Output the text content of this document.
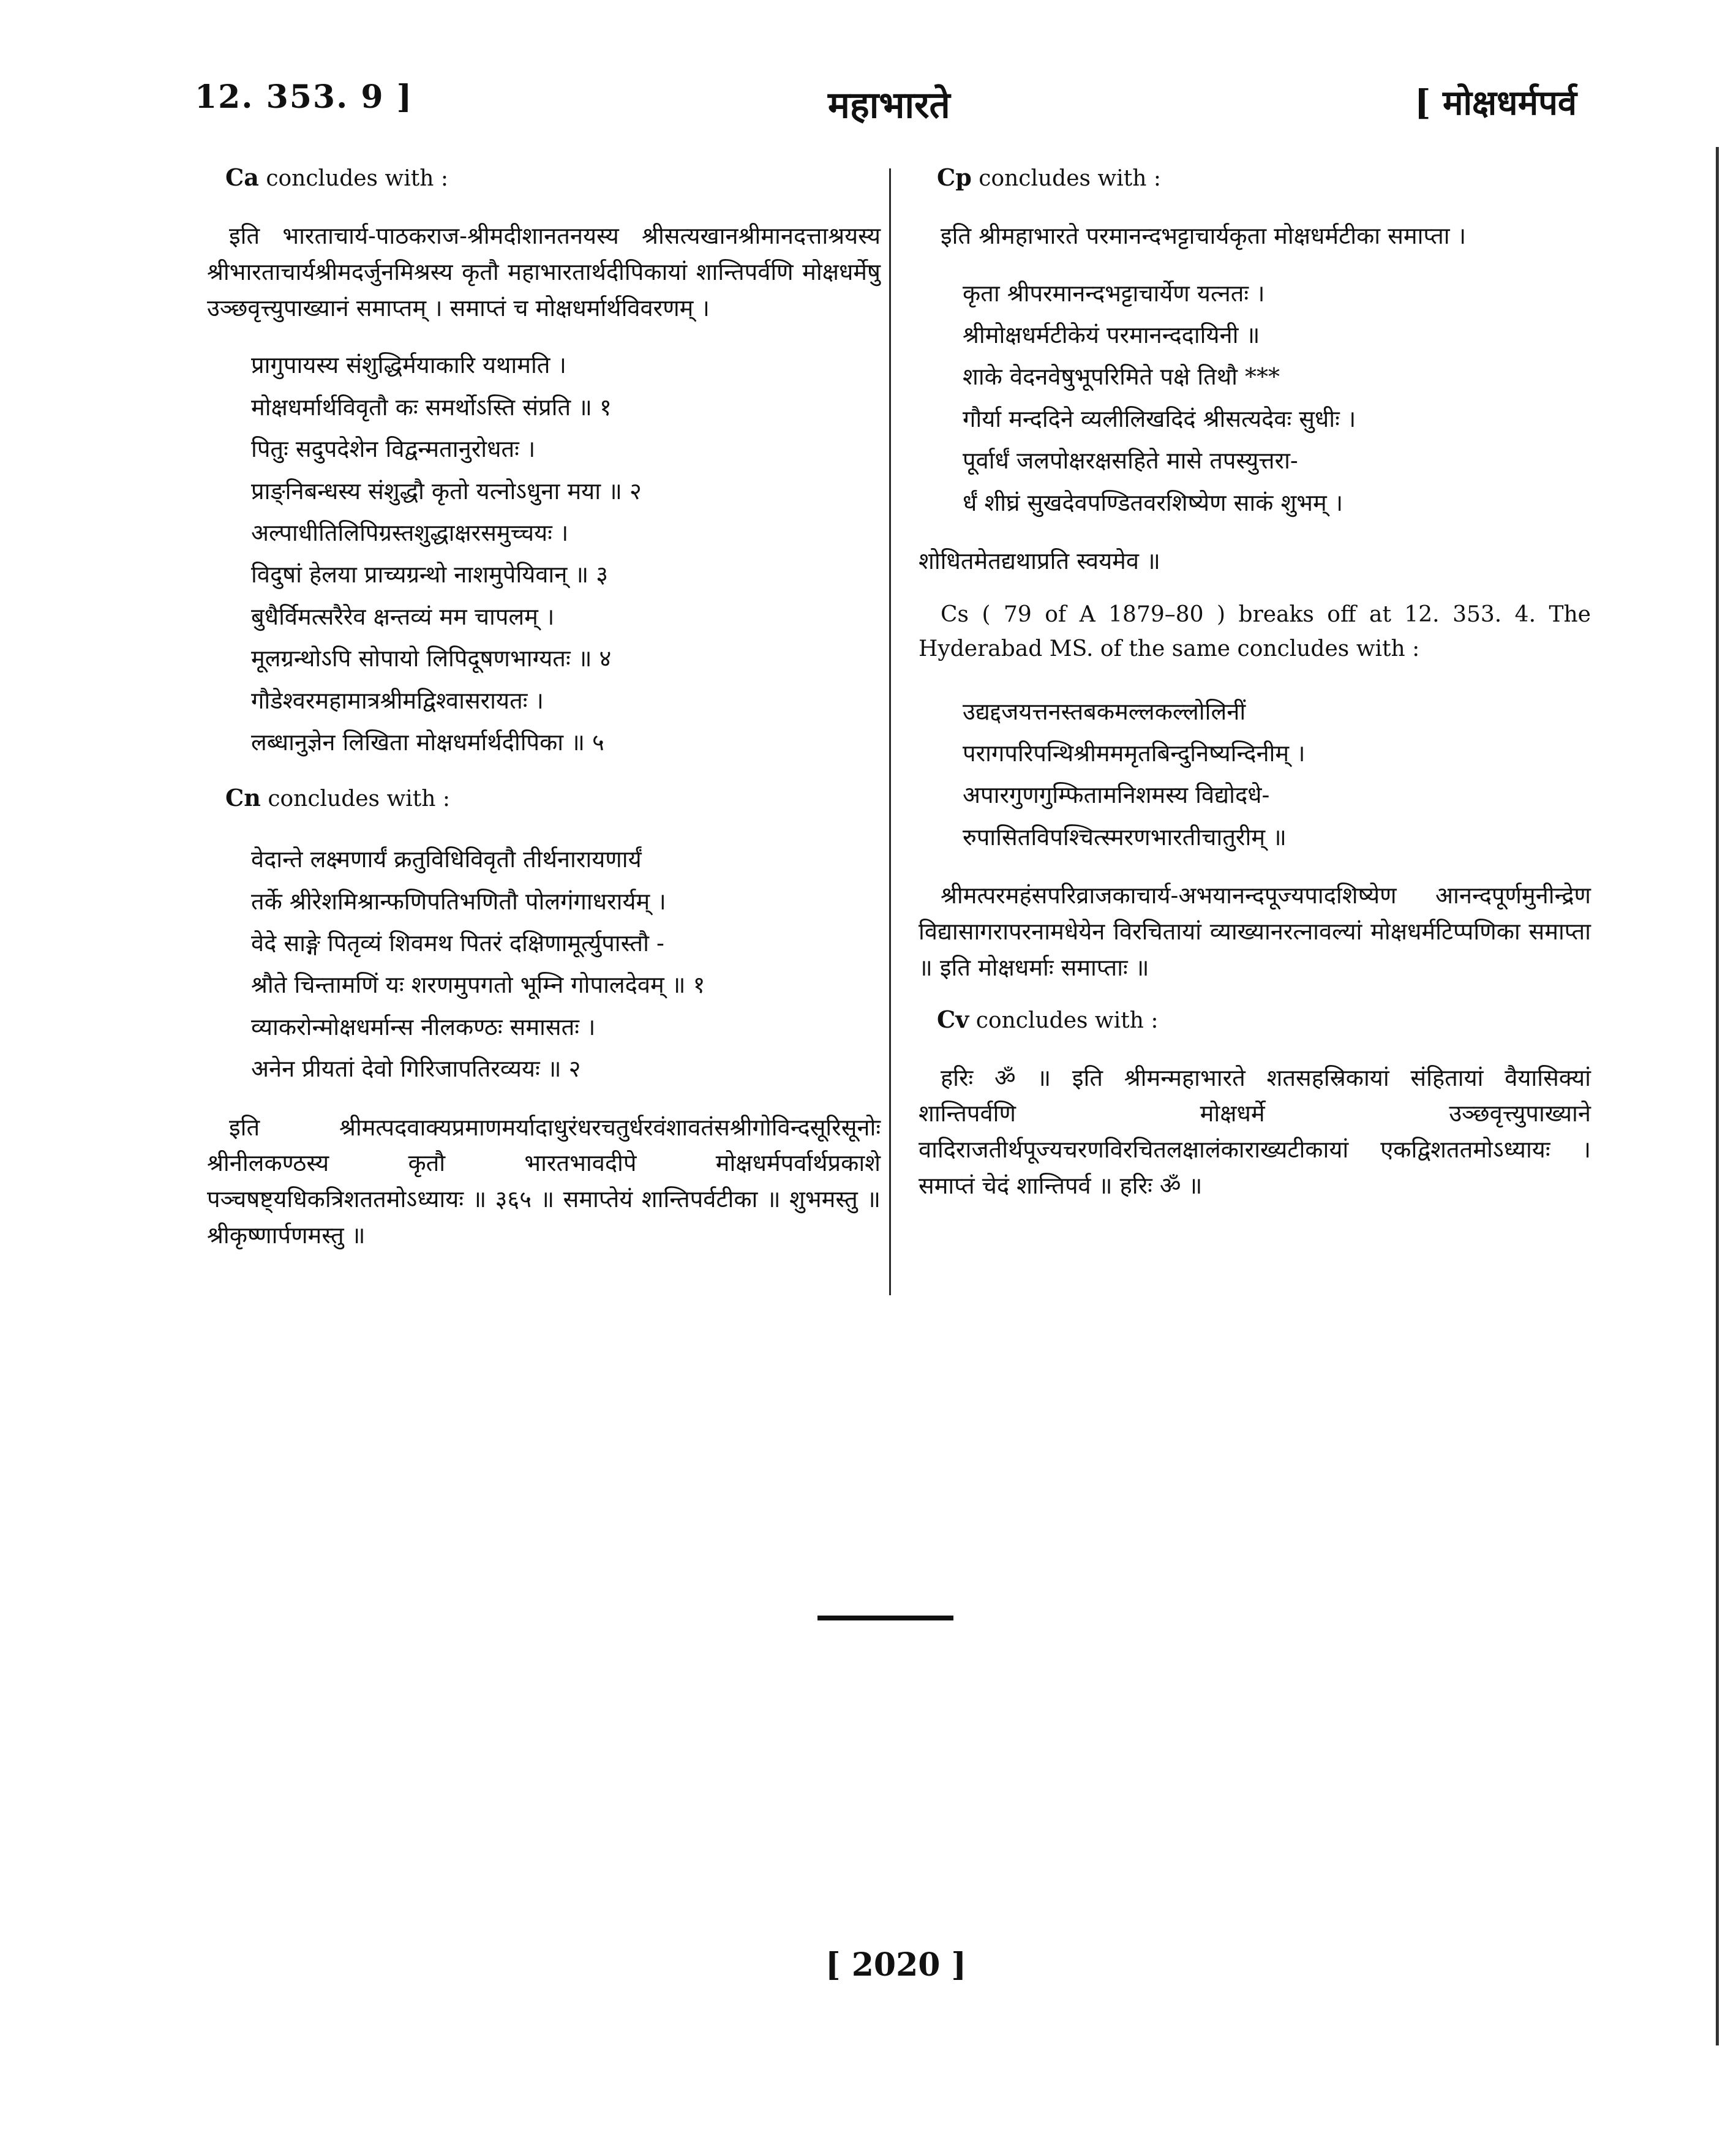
12. 353. 9 ]	महाभारते	[ मोक्षधर्मपर्व
Ca concludes with :
इति भारताचार्य-पाठकराज-श्रीमदीशानतनयस्य श्रीसत्यखानश्रीमानदत्ताश्रयस्य श्रीभारताचार्यश्रीमदर्जुनमिश्रस्य कृतौ महाभारतार्थदीपिकायां शान्तिपर्वणि मोक्षधर्मेषु उञ्छवृत्त्युपाख्यानं समाप्तम् । समाप्तं च मोक्षधर्मार्थविवरणम् ।
प्रागुपायस्य संशुद्धिर्मयाकारि यथामति ।
मोक्षधर्मार्थविवृतौ कः समर्थोऽस्ति संप्रति ॥ १
पितुः सदुपदेशेन विद्वन्मतानुरोधतः ।
प्राङ्निबन्धस्य संशुद्धौ कृतो यत्नोऽधुना मया ॥ २
अल्पाधीतिलिपिग्रस्तशुद्धाक्षरसमुच्चयः ।
विदुषां हेलया प्राच्यग्रन्थो नाशमुपेयिवान् ॥ ३
बुधैर्विमत्सरैरेव क्षन्तव्यं मम चापलम् ।
मूलग्रन्थोऽपि सोपायो लिपिदूषणभाग्यतः ॥ ४
गौडेश्वरमहामात्रश्रीमद्विश्वासरायतः ।
लब्धानुज्ञेन लिखिता मोक्षधर्मार्थदीपिका ॥ ५
Cn concludes with :
वेदान्ते लक्ष्मणार्यं क्रतुविधिविवृतौ तीर्थनारायणार्यं
तर्के श्रीरेशमिश्रान्फणिपतिभणितौ पोलगंगाधरार्यम् ।
वेदे साङ्गे पितृव्यं शिवमथ पितरं दक्षिणामूर्त्युपास्तौ -
श्रौते चिन्तामणिं यः शरणमुपगतो भूम्नि गोपालदेवम् ॥ १
व्याकरोन्मोक्षधर्मान्स नीलकण्ठः समासतः ।
अनेन प्रीयतां देवो गिरिजापतिरव्ययः ॥ २
इति श्रीमत्पदवाक्यप्रमाणमर्यादाधुरंधरचतुर्धरवंशावतंसश्रीगोविन्दसूरिसूनोः श्रीनीलकण्ठस्य कृतौ भारतभावदीपे मोक्षधर्मपर्वार्थप्रकाशे पञ्चषष्ट्यधिकत्रिशततमोऽध्यायः ॥ ३६५ ॥ समाप्तेयं शान्तिपर्वटीका ॥ शुभमस्तु ॥ श्रीकृष्णार्पणमस्तु ॥
Cp concludes with :
इति श्रीमहाभारते परमानन्दभट्टाचार्यकृता मोक्षधर्मटीका समाप्ता ।
कृता श्रीपरमानन्दभट्टाचार्येण यत्नतः ।
श्रीमोक्षधर्मटीकेयं परमानन्ददायिनी ॥
शाके वेदनवेषुभूपरिमिते पक्षे तिथौ ***
गौर्या मन्ददिने व्यलीलिखदिदं श्रीसत्यदेवः सुधीः ।
पूर्वार्धं जलपोक्षरक्षसहिते मासे तपस्युत्तरा-
र्धं शीघ्रं सुखदेवपण्डितवरशिष्येण साकं शुभम् ।
शोधितमेतद्यथाप्रति स्वयमेव ॥
Cs ( 79 of A 1879–80 ) breaks off at 12. 353. 4. The Hyderabad MS. of the same concludes with :
उद्यद्दजयत्तनस्तबकमल्लकल्लोलिनीं
परागपरिपन्थिश्रीमममृतबिन्दुनिष्यन्दिनीम् ।
अपारगुणगुम्फितामनिशमस्य विद्योदधे-
रुपासितविपश्चित्स्मरणभारतीचातुरीम् ॥
श्रीमत्परमहंसपरिव्राजकाचार्य-अभयानन्दपूज्यपादशिष्येण आनन्दपूर्णमुनीन्द्रेण विद्यासागरापरनामधेयेन विरचितायां व्याख्यानरत्नावल्यां मोक्षधर्मटिप्पणिका समाप्ता ॥ इति मोक्षधर्माः समाप्ताः ॥
Cv concludes with :
हरिः ॐ ॥ इति श्रीमन्महाभारते शतसहस्रिकायां संहितायां वैयासिक्यां शान्तिपर्वणि मोक्षधर्मे उञ्छवृत्त्युपाख्याने वादिराजतीर्थपूज्यचरणविरचितलक्षालंकाराख्यटीकायां एकद्विशततमोऽध्यायः । समाप्तं चेदं शान्तिपर्व ॥ हरिः ॐ ॥
[ 2020 ]
